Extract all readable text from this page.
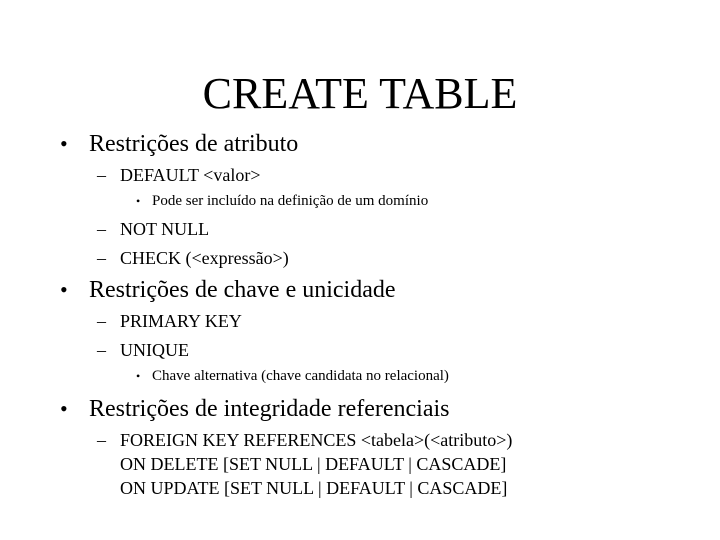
CREATE TABLE
• Restrições de atributo
– DEFAULT <valor>
• Pode ser incluído na definição de um domínio
– NOT NULL
– CHECK (<expressão>)
• Restrições de chave e unicidade
– PRIMARY KEY
– UNIQUE
• Chave alternativa (chave candidata no relacional)
• Restrições de integridade referenciais
– FOREIGN KEY REFERENCES <tabela>(<atributo>)
ON DELETE [SET NULL | DEFAULT | CASCADE]
ON UPDATE [SET NULL | DEFAULT | CASCADE]
